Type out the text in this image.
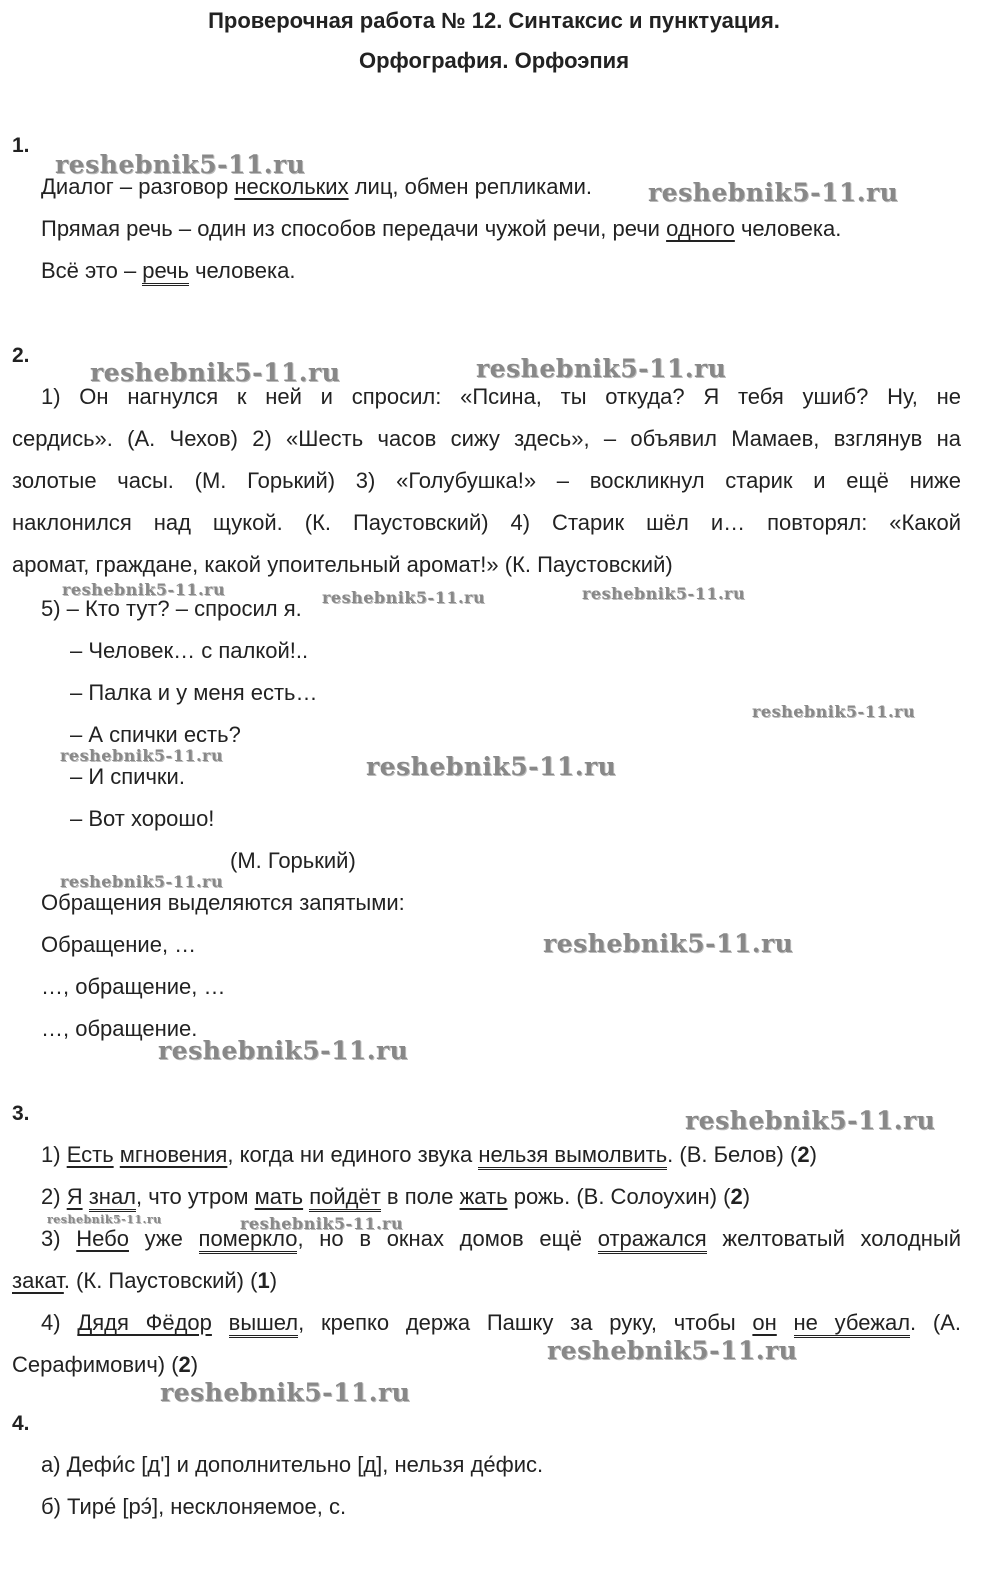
Проверочная работа № 12. Синтаксис и пунктуация.
Орфография. Орфоэпия
1.
Диалог – разговор нескольких лиц, обмен репликами.
Прямая речь – один из способов передачи чужой речи, речи одного человека.
Всё это – речь человека.
2.
1) Он нагнулся к ней и спросил: «Псина, ты откуда? Я тебя ушиб? Ну, не
сердись». (А. Чехов) 2) «Шесть часов сижу здесь», – объявил Мамаев, взглянув на
золотые часы. (М. Горький) 3) «Голубушка!» – воскликнул старик и ещё ниже
наклонился над щукой. (К. Паустовский) 4) Старик шёл и… повторял: «Какой
аромат, граждане, какой упоительный аромат!» (К. Паустовский)
5) – Кто тут? – спросил я.
– Человек… с палкой!..
– Палка и у меня есть…
– А спички есть?
– И спички.
– Вот хорошо!
(М. Горький)
Обращения выделяются запятыми:
Обращение, …
…, обращение, …
…, обращение.
3.
1) Есть мгновения, когда ни единого звука нельзя вымолвить. (В. Белов) (2)
2) Я знал, что утром мать пойдёт в поле жать рожь. (В. Солоухин) (2)
3) Небо уже померкло, но в окнах домов ещё отражался желтоватый холодный
закат. (К. Паустовский) (1)
4) Дядя Фёдор вышел, крепко держа Пашку за руку, чтобы он не убежал. (А.
Серафимович) (2)
4.
а) Дефи́с [д'] и дополнительно [д], нельзя де́фис.
б) Тире́ [рэ́], несклоняемое, с.
reshebnik5-11.ru
reshebnik5-11.ru
reshebnik5-11.ru	reshebnik5-11.ru
reshebnik5-11.ru	reshebnik5-11.ru	reshebnik5-11.ru
reshebnik5-11.ru
reshebnik5-11.ru	reshebnik5-11.ru
reshebnik5-11.ru
reshebnik5-11.ru
reshebnik5-11.ru
reshebnik5-11.ru
reshebnik5-11.ru	reshebnik5-11.ru
reshebnik5-11.ru
reshebnik5-11.ru
